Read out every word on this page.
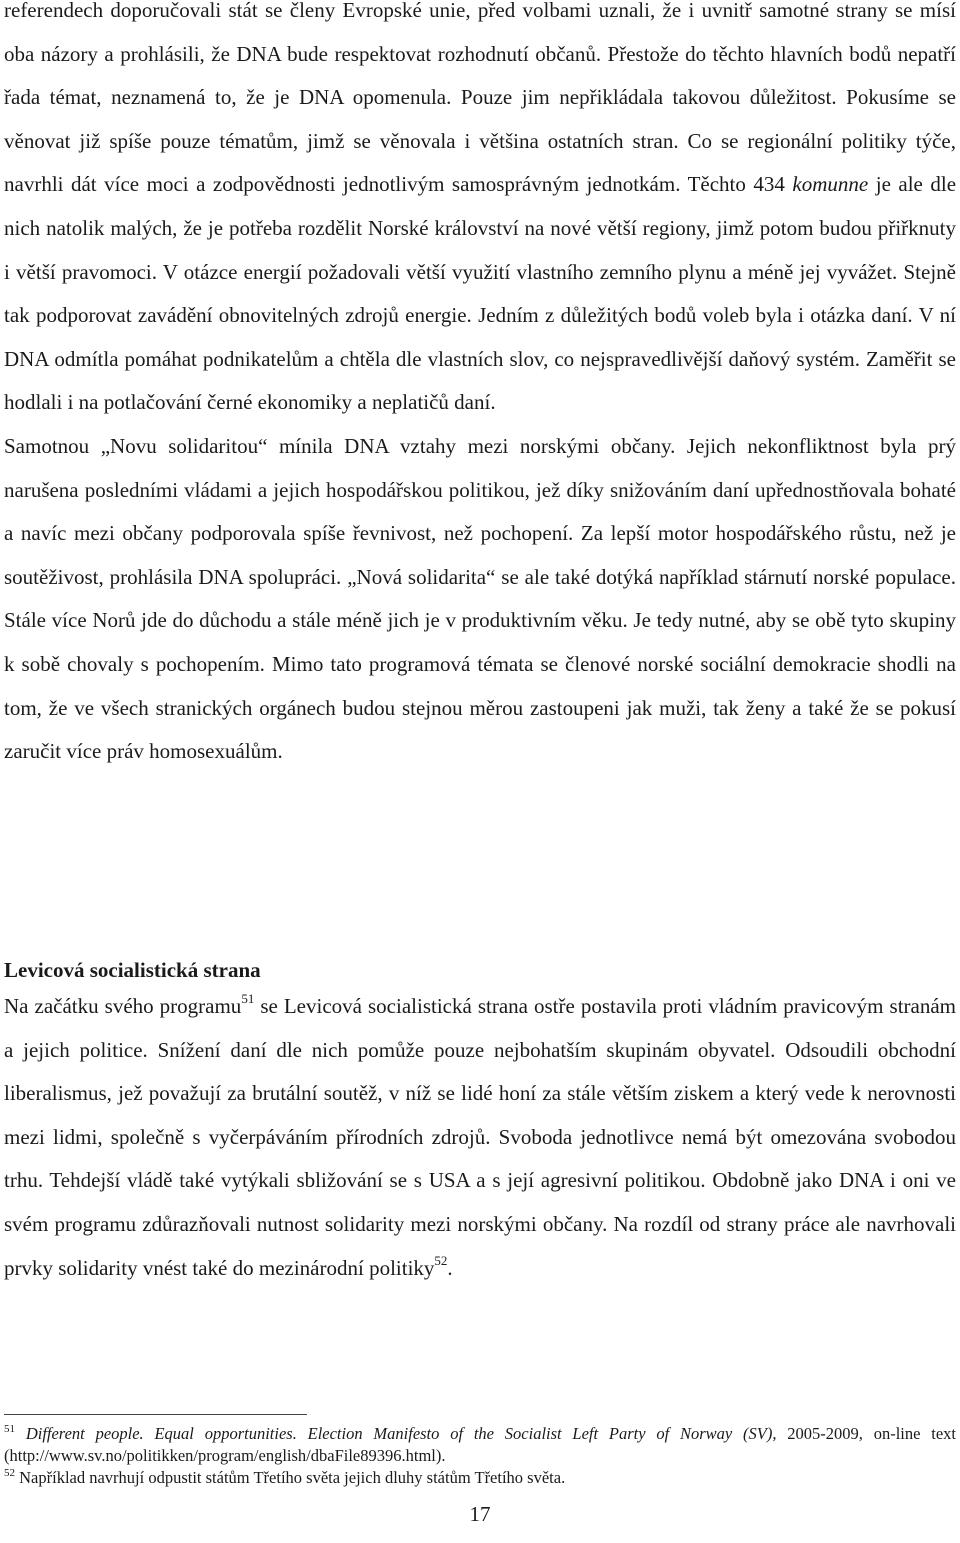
referendech doporučovali stát se členy Evropské unie, před volbami uznali, že i uvnitř samotné strany se mísí oba názory a prohlásili, že DNA bude respektovat rozhodnutí občanů. Přestože do těchto hlavních bodů nepatří řada témat, neznamená to, že je DNA opomenula. Pouze jim nepřikládala takovou důležitost. Pokusíme se věnovat již spíše pouze tématům, jimž se věnovala i většina ostatních stran. Co se regionální politiky týče, navrhli dát více moci a zodpovědnosti jednotlivým samosprávným jednotkám. Těchto 434 komunne je ale dle nich natolik malých, že je potřeba rozdělit Norské království na nové větší regiony, jimž potom budou přiřknuty i větší pravomoci. V otázce energií požadovali větší využití vlastního zemního plynu a méně jej vyvážet. Stejně tak podporovat zavádění obnovitelných zdrojů energie. Jedním z důležitých bodů voleb byla i otázka daní. V ní DNA odmítla pomáhat podnikatelům a chtěla dle vlastních slov, co nejspravedlivější daňový systém. Zaměřit se hodlali i na potlačování černé ekonomiky a neplatičů daní.

Samotnou „Novu solidaritou“ mínila DNA vztahy mezi norskými občany. Jejich nekonfliktnost byla prý narušena posledními vládami a jejich hospodářskou politikou, jež díky snižováním daní upřednostňovala bohaté a navíc mezi občany podporovala spíše řevnivost, než pochopení. Za lepší motor hospodářského růstu, než je soutěživost, prohlásila DNA spolupráci. „Nová solidarita“ se ale také dotýká například stárnutí norské populace. Stále více Norů jde do důchodu a stále méně jich je v produktivním věku. Je tedy nutné, aby se obě tyto skupiny k sobě chovaly s pochopením. Mimo tato programová témata se členové norské sociální demokracie shodli na tom, že ve všech stranických orgánech budou stejnou měrou zastoupeni jak muži, tak ženy a také že se pokusí zaručit více práv homosexuálům.

Levicová socialistická strana

Na začátku svého programu$^{51}$ se Levicová socialistická strana ostře postavila proti vládním pravicovým stranám a jejich politice. Snížení daní dle nich pomůže pouze nejbohatším skupinám obyvatel. Odsoudili obchodní liberalismus, jež považují za brutální soutěž, v níž se lidé honí za stále větším ziskem a který vede k nerovnosti mezi lidmi, společně s vyčerpáváním přírodních zdrojů. Svoboda jednotlivce nemá být omezována svobodou trhu. Tehdejší vládě také vytýkali sbližování se s USA a s její agresivní politikou. Obdobně jako DNA i oni ve svém programu zdůrazňovali nutnost solidarity mezi norskými občany. Na rozdíl od strany práce ale navrhovali prvky solidarity vnést také do mezinárodní politiky$^{52}$.

$^{51}$ Different people. Equal opportunities. Election Manifesto of the Socialist Left Party of Norway (SV), 2005-2009, on-line text (http://www.sv.no/politikken/program/english/dbaFile89396.html).

$^{52}$ Například navrhují odpustit státům Třetího světa jejich dluhy státům Třetího světa.

17
